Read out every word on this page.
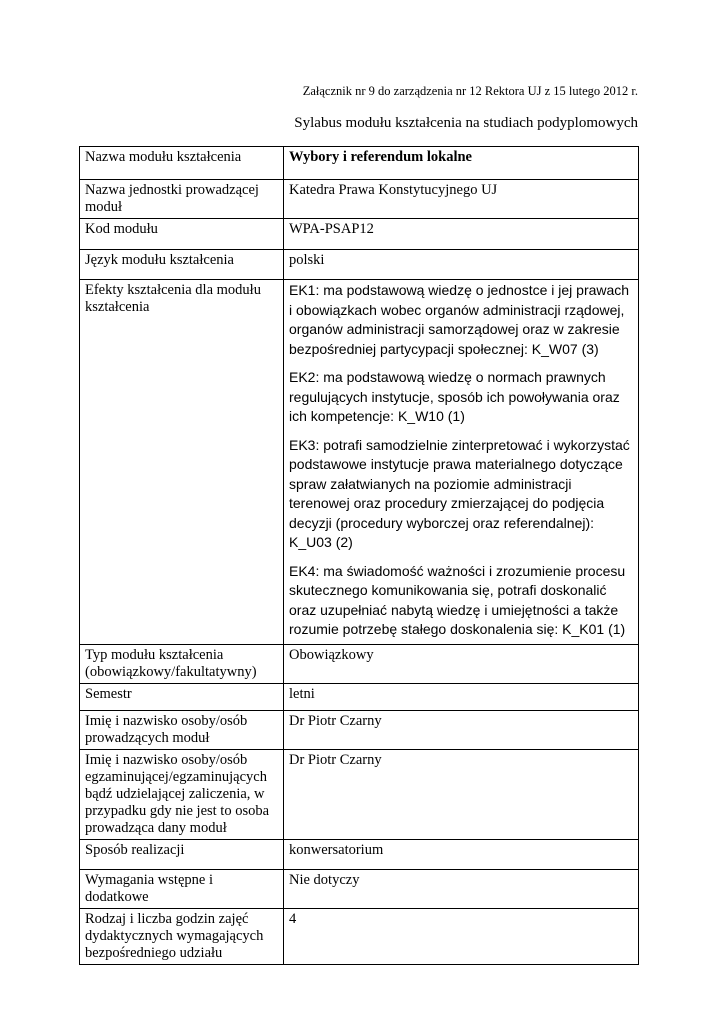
Załącznik nr 9 do zarządzenia nr 12 Rektora UJ z 15 lutego 2012 r.
Sylabus modułu kształcenia na studiach podyplomowych
Nazwa modułu kształcenia	Wybory i referendum lokalne
Nazwa jednostki prowadzącej moduł	Katedra Prawa Konstytucyjnego UJ
Kod modułu	WPA-PSAP12
Język modułu kształcenia	polski
Efekty kształcenia dla modułu kształcenia	EK1: ma podstawową wiedzę o jednostce i jej prawach i obowiązkach wobec organów administracji rządowej, organów administracji samorządowej oraz w zakresie bezpośredniej partycypacji społecznej: K_W07 (3)
EK2: ma podstawową wiedzę o normach prawnych regulujących instytucje, sposób ich powoływania oraz ich kompetencje: K_W10 (1)
EK3: potrafi samodzielnie zinterpretować i wykorzystać podstawowe instytucje prawa materialnego dotyczące spraw załatwianych na poziomie administracji terenowej oraz procedury zmierzającej do podjęcia decyzji (procedury wyborczej oraz referendalnej): K_U03 (2)
EK4: ma świadomość ważności i zrozumienie procesu skutecznego komunikowania się, potrafi doskonalić oraz uzupełniać nabytą wiedzę i umiejętności a także rozumie potrzebę stałego doskonalenia się: K_K01 (1)

Typ modułu kształcenia (obowiązkowy/fakultatywny)	Obowiązkowy
Semestr	letni
Imię i nazwisko osoby/osób prowadzących moduł	Dr Piotr Czarny
Imię i nazwisko osoby/osób egzaminującej/egzaminujących bądź udzielającej zaliczenia, w przypadku gdy nie jest to osoba prowadząca dany moduł	Dr Piotr Czarny
Sposób realizacji	konwersatorium
Wymagania wstępne i dodatkowe	Nie dotyczy
Rodzaj i liczba godzin zajęć dydaktycznych wymagających bezpośredniego udziału	4
